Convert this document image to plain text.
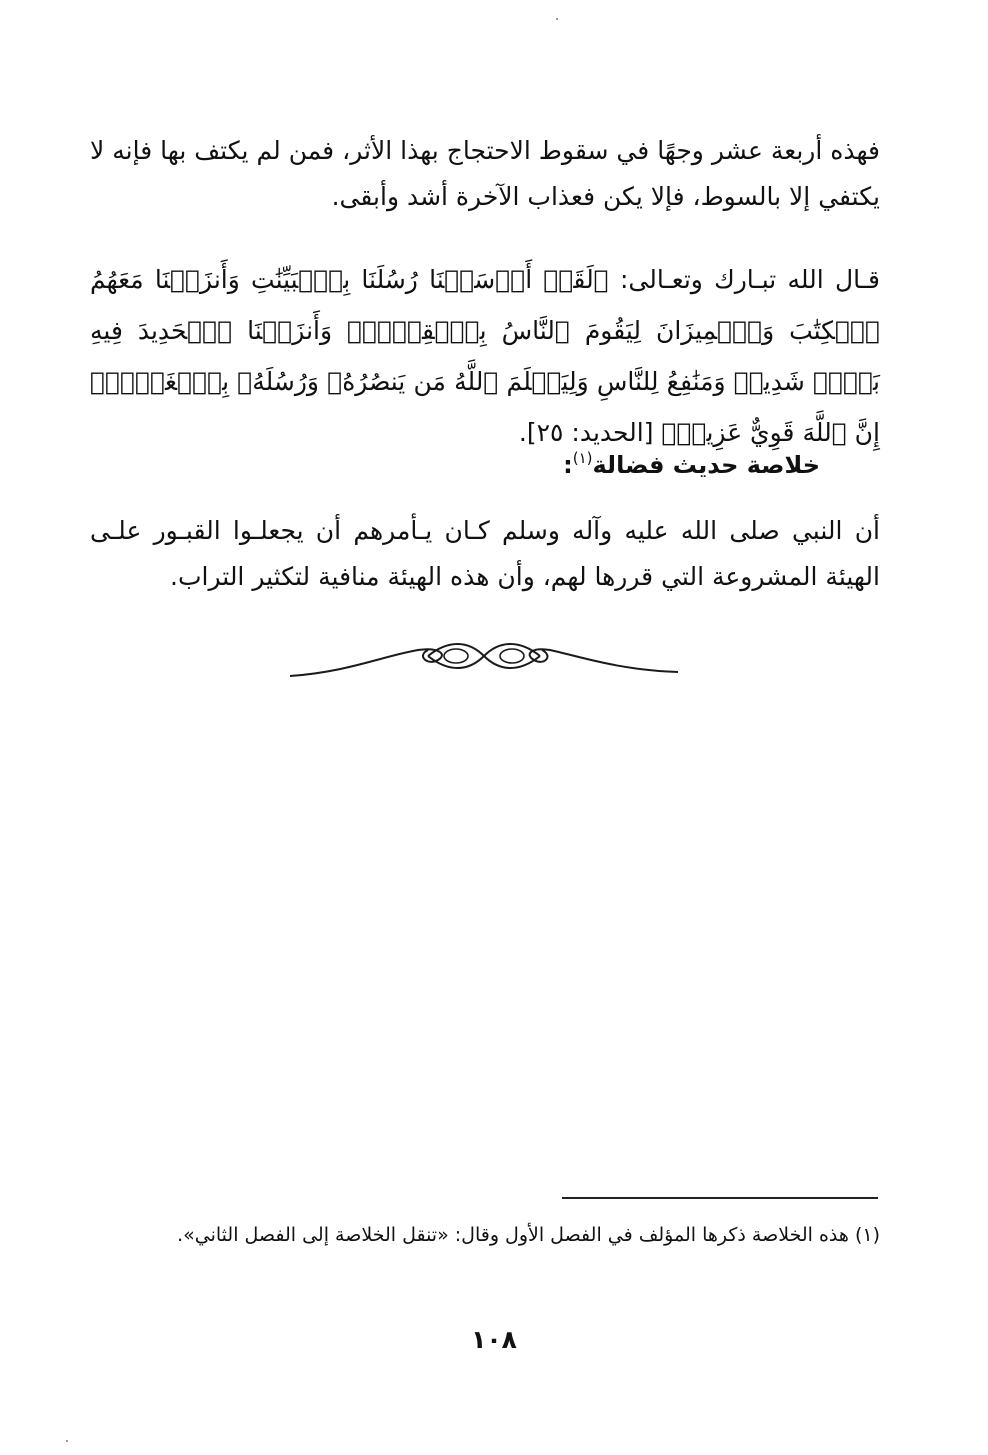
فهذه أربعة عشر وجهًا في سقوط الاحتجاج بهذا الأثر، فمن لم يكتف بها فإنه لا يكتفي إلا بالسوط، فإلا يكن فعذاب الآخرة أشد وأبقى.

قـال الله تبـارك وتعـالى: ﴿لَقَدۡ أَرۡسَلۡنَا رُسُلَنَا بِٱلۡبَيِّنَٰتِ وَأَنزَلۡنَا مَعَهُمُ ٱلۡكِتَٰبَ وَٱلۡمِيزَانَ لِيَقُومَ ٱلنَّاسُ بِٱلۡقِسۡطِۖ وَأَنزَلۡنَا ٱلۡحَدِيدَ فِيهِ بَأۡسٞ شَدِيدٞ وَمَنَٰفِعُ لِلنَّاسِ وَلِيَعۡلَمَ ٱللَّهُ مَن يَنصُرُهُۥ وَرُسُلَهُۥ بِٱلۡغَيۡبِۚ إِنَّ ٱللَّهَ قَوِيٌّ عَزِيزٞ﴾ [الحديد: ٢٥].

خلاصة حديث فضالة$^{(١)}$:

أن النبي صلى الله عليه وآله وسلم كـان يـأمرهم أن يجعلـوا القبـور علـى الهيئة المشروعة التي قررها لهم، وأن هذه الهيئة منافية لتكثير التراب.

(١) هذه الخلاصة ذكرها المؤلف في الفصل الأول وقال: «تنقل الخلاصة إلى الفصل الثاني».

١٠٨
